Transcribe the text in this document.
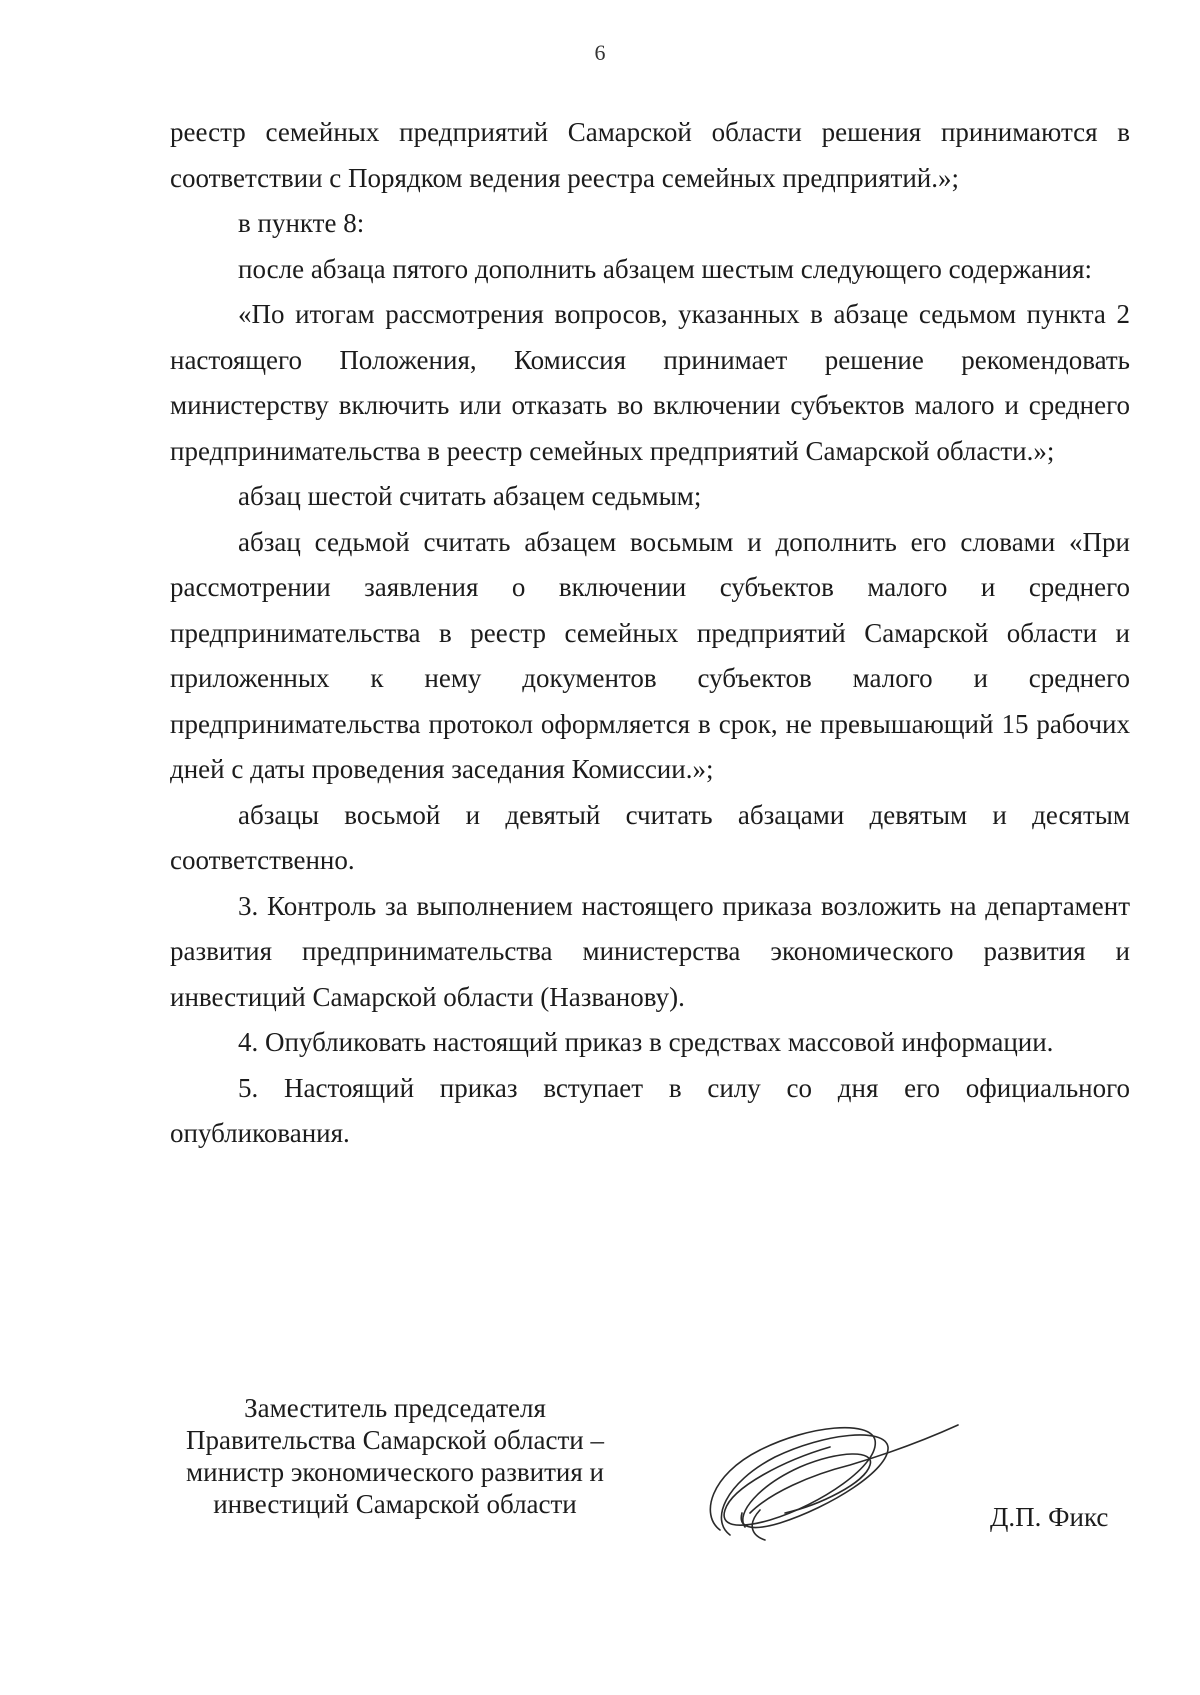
6

реестр семейных предприятий Самарской области решения принимаются в соответствии с Порядком ведения реестра семейных предприятий.»;

в пункте 8:

после абзаца пятого дополнить абзацем шестым следующего содержания:

«По итогам рассмотрения вопросов, указанных в абзаце седьмом пункта 2 настоящего Положения, Комиссия принимает решение рекомендовать министерству включить или отказать во включении субъектов малого и среднего предпринимательства в реестр семейных предприятий Самарской области.»;

абзац шестой считать абзацем седьмым;

абзац седьмой считать абзацем восьмым и дополнить его словами «При рассмотрении заявления о включении субъектов малого и среднего предпринимательства в реестр семейных предприятий Самарской области и приложенных к нему документов субъектов малого и среднего предпринимательства протокол оформляется в срок, не превышающий 15 рабочих дней с даты проведения заседания Комиссии.»;

абзацы восьмой и девятый считать абзацами девятым и десятым соответственно.

3. Контроль за выполнением настоящего приказа возложить на департамент развития предпринимательства министерства экономического развития и инвестиций Самарской области (Названову).

4. Опубликовать настоящий приказ в средствах массовой информации.

5. Настоящий приказ вступает в силу со дня его официального опубликования.

Заместитель председателя
Правительства Самарской области –
министр экономического развития и
инвестиций Самарской области	Д.П. Фикс
